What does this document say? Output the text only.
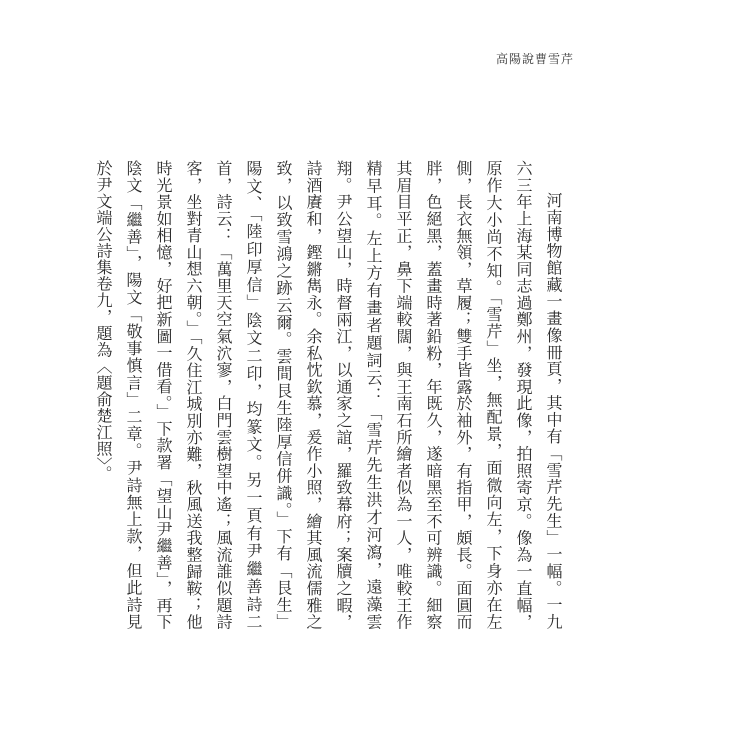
高陽說曹雪芹

河南博物館藏一畫像冊頁，其中有「雪芹先生」一幅。一九六三年上海某同志過鄭州，發現此像，拍照寄京。像為一直幅，原作大小尚不知。「雪芹」坐，無配景，面微向左，下身亦在左側，長衣無領，草履；雙手皆露於袖外，有指甲，頗長。面圓而胖，色絕黑，蓋畫時著鉛粉，年既久，遂暗黑至不可辨識。細察其眉目平正，鼻下端較闊，與王南石所繪者似為一人，唯較王作精早耳。左上方有畫者題詞云：「雪芹先生洪才河瀉，遠藻雲翔。尹公望山，時督兩江，以通家之誼，羅致幕府；案牘之暇，詩酒賡和，鏗鏘雋永。余私忱欽慕，爰作小照，繪其風流儒雅之致，以致雪鴻之跡云爾。雲間艮生陸厚信併識。」下有「艮生」陽文、「陸印厚信」陰文二印，均篆文。另一頁有尹繼善詩二首，詩云：「萬里天空氣泬寥，白門雲樹望中遙；風流誰似題詩客，坐對青山想六朝。」「久住江城別亦難，秋風送我整歸鞍；他時光景如相憶，好把新圖一借看。」下款署「望山尹繼善」，再下陰文「繼善」，陽文「敬事慎言」二章。尹詩無上款，但此詩見於尹文端公詩集卷九，題為〈題俞楚江照〉。
